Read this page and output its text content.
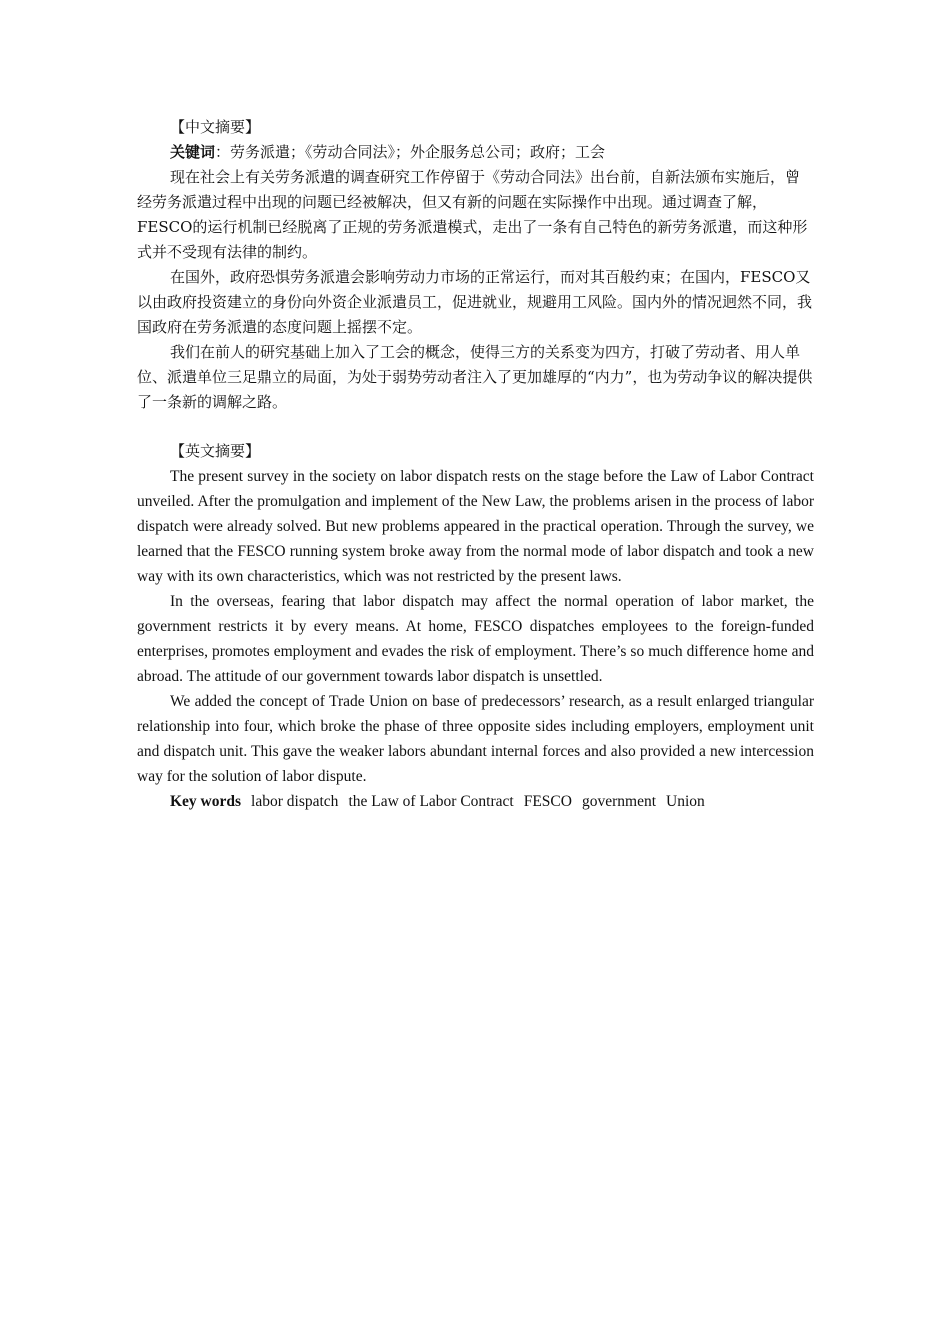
【中文摘要】

关键词：劳务派遣；《劳动合同法》；外企服务总公司；政府；工会

现在社会上有关劳务派遣的调查研究工作停留于《劳动合同法》出台前，自新法颁布实施后，曾经劳务派遣过程中出现的问题已经被解决，但又有新的问题在实际操作中出现。通过调查了解，FESCO的运行机制已经脱离了正规的劳务派遣模式，走出了一条有自己特色的新劳务派遣，而这种形式并不受现有法律的制约。

在国外，政府恐惧劳务派遣会影响劳动力市场的正常运行，而对其百般约束；在国内，FESCO又以由政府投资建立的身份向外资企业派遣员工，促进就业，规避用工风险。国内外的情况迥然不同，我国政府在劳务派遣的态度问题上摇摆不定。

我们在前人的研究基础上加入了工会的概念，使得三方的关系变为四方，打破了劳动者、用人单位、派遣单位三足鼎立的局面，为处于弱势劳动者注入了更加雄厚的“内力”，也为劳动争议的解决提供了一条新的调解之路。

【英文摘要】

The present survey in the society on labor dispatch rests on the stage before the Law of Labor Contract unveiled. After the promulgation and implement of the New Law, the problems arisen in the process of labor dispatch were already solved. But new problems appeared in the practical operation. Through the survey, we learned that the FESCO running system broke away from the normal mode of labor dispatch and took a new way with its own characteristics, which was not restricted by the present laws.

In the overseas, fearing that labor dispatch may affect the normal operation of labor market, the government restricts it by every means. At home, FESCO dispatches employees to the foreign-funded enterprises, promotes employment and evades the risk of employment. There’s so much difference home and abroad. The attitude of our government towards labor dispatch is unsettled.

We added the concept of Trade Union on base of predecessors’ research, as a result enlarged triangular relationship into four, which broke the phase of three opposite sides including employers, employment unit and dispatch unit. This gave the weaker labors abundant internal forces and also provided a new intercession way for the solution of labor dispute.

Key words labor dispatch the Law of Labor Contract FESCO government Union
